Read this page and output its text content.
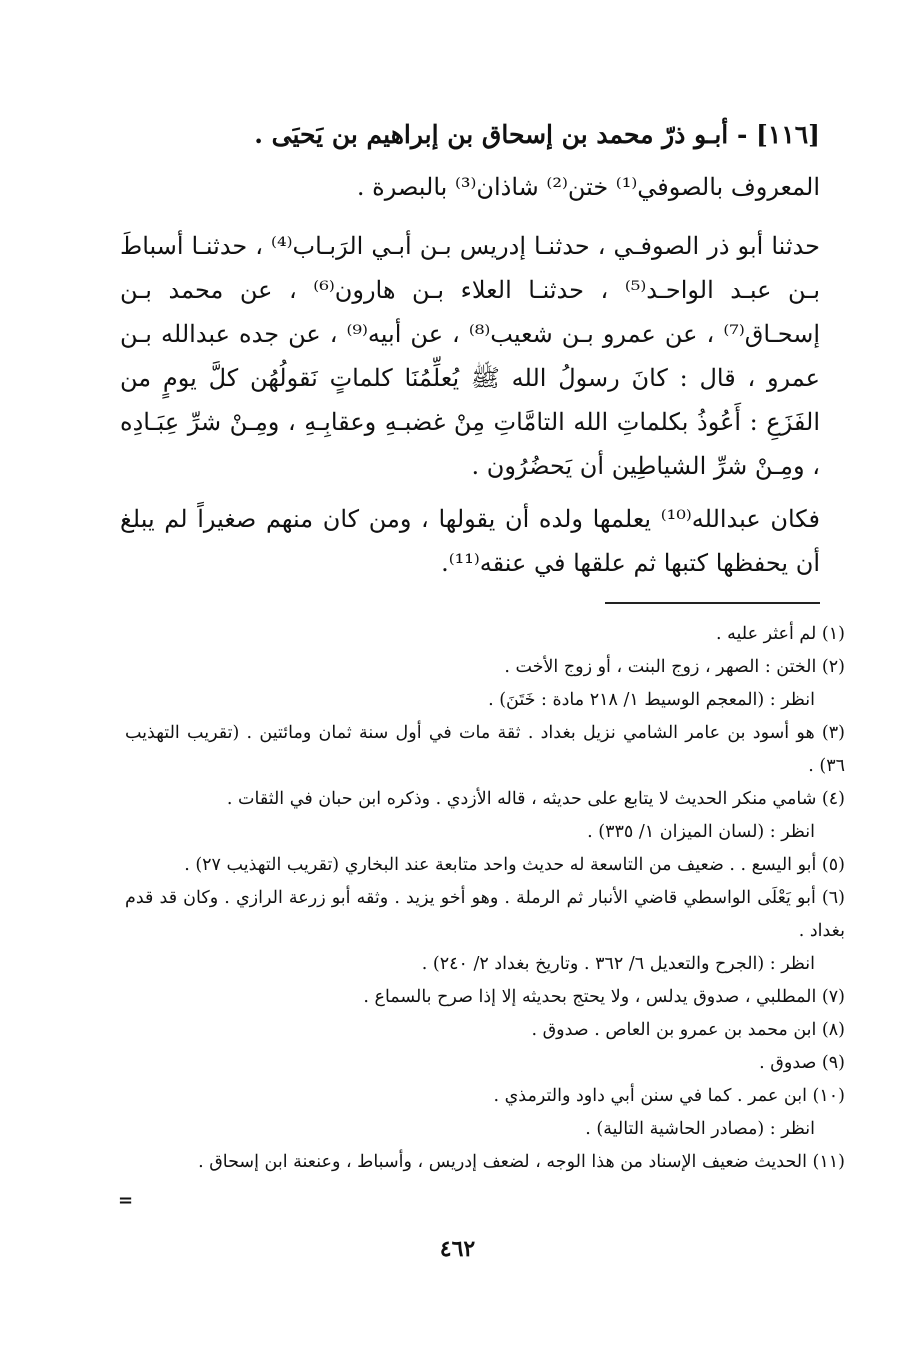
[١١٦] - أبـو ذرّ محمد بن إسحاق بن إبراهيم بن يَحيَى .
المعروف بالصوفي⁽¹⁾ ختن⁽²⁾ شاذان⁽³⁾ بالبصرة .
حدثنا أبو ذر الصوفـي ، حدثنـا إدريس بـن أبـي الرَبـاب⁽⁴⁾ ، حدثنـا أسباطَ بـن عبـد الواحـد⁽⁵⁾ ، حدثنـا العلاء بـن هارون⁽⁶⁾ ، عن محمد بـن إسحـاق⁽⁷⁾ ، عن عمرو بـن شعيب⁽⁸⁾ ، عن أبيه⁽⁹⁾ ، عن جده عبدالله بـن عمرو ، قال : كانَ رسولُ الله ﷺ يُعلِّمُنَا كلماتٍ نَقولُهُن كلَّ يومٍ من الفَزَعِ : أَعُوذُ بكلماتِ الله التامَّاتِ مِنْ غضبـهِ وعقابِـهِ ، ومِـنْ شرِّ عِبَـادِه ، ومِـنْ شرِّ الشياطِين أن يَحضُرُون .
فكان عبدالله⁽¹⁰⁾ يعلمها ولده أن يقولها ، ومن كان منهم صغيراً لم يبلغ أن يحفظها كتبها ثم علقها في عنقه⁽¹¹⁾.
(١) لم أعثر عليه .
(٢) الختن : الصهر ، زوج البنت ، أو زوج الأخت .
انظر : (المعجم الوسيط ١/ ٢١٨ مادة : خَتَنَ) .
(٣) هو أسود بن عامر الشامي نزيل بغداد . ثقة مات في أول سنة ثمان ومائتين . (تقريب التهذيب ٣٦) .
(٤) شامي منكر الحديث لا يتابع على حديثه ، قاله الأزدي . وذكره ابن حبان في الثقات .
انظر : (لسان الميزان ١/ ٣٣٥) .
(٥) أبو اليسع . . ضعيف من التاسعة له حديث واحد متابعة عند البخاري (تقريب التهذيب ٢٧) .
(٦) أبو يَعْلَى الواسطي قاضي الأنبار ثم الرملة . وهو أخو يزيد . وثقه أبو زرعة الرازي . وكان قد قدم بغداد .
انظر : (الجرح والتعديل ٦/ ٣٦٢ . وتاريخ بغداد ٢/ ٢٤٠) .
(٧) المطلبي ، صدوق يدلس ، ولا يحتج بحديثه إلا إذا صرح بالسماع .
(٨) ابن محمد بن عمرو بن العاص . صدوق .
(٩) صدوق .
(١٠) ابن عمر . كما في سنن أبي داود والترمذي .
انظر : (مصادر الحاشية التالية) .
(١١) الحديث ضعيف الإسناد من هذا الوجه ، لضعف إدريس ، وأسباط ، وعنعنة ابن إسحاق .
=
٤٦٢
